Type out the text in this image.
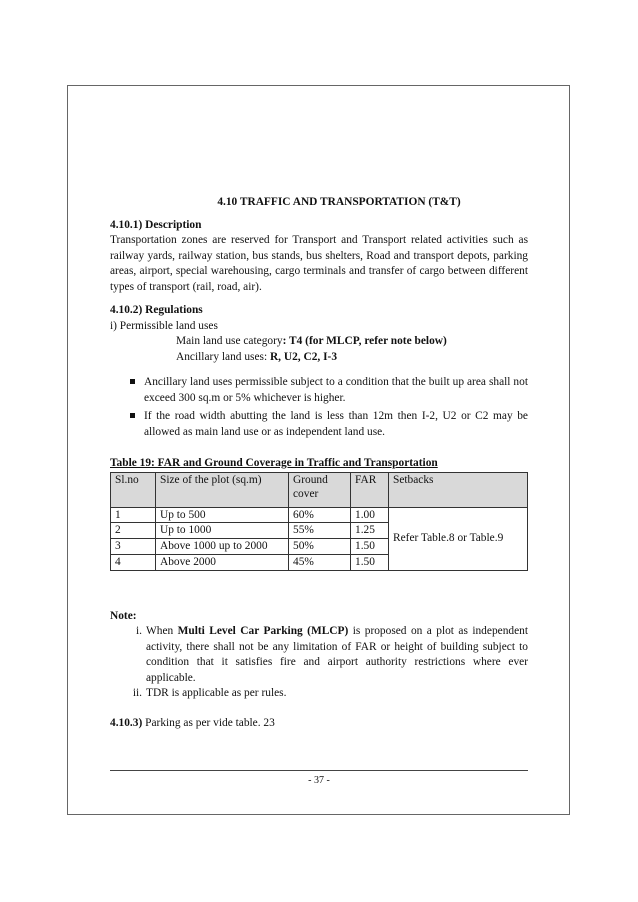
4.10 TRAFFIC AND TRANSPORTATION (T&T)

4.10.1) Description

Transportation zones are reserved for Transport and Transport related activities such as railway yards, railway station, bus stands, bus shelters, Road and transport depots, parking areas, airport, special warehousing, cargo terminals and transfer of cargo between different types of transport (rail, road, air).

4.10.2) Regulations

i) Permissible land uses

Main land use category: T4 (for MLCP, refer note below)

Ancillary land uses: R, U2, C2, I-3

Ancillary land uses permissible subject to a condition that the built up area shall not exceed 300 sq.m or 5% whichever is higher.
If the road width abutting the land is less than 12m then I-2, U2 or C2 may be allowed as main land use or as independent land use.

Table 19: FAR and Ground Coverage in Traffic and Transportation

Sl.no	Size of the plot (sq.m)	Ground cover	FAR	Setbacks
1	Up to 500	60%	1.00	Refer Table.8 or Table.9
2	Up to 1000	55%	1.25	
3	Above 1000 up to 2000	50%	1.50	
4	Above 2000	45%	1.50	

Note:

i. When Multi Level Car Parking (MLCP) is proposed on a plot as independent activity, there shall not be any limitation of FAR or height of building subject to condition that it satisfies fire and airport authority restrictions where ever applicable.
ii. TDR is applicable as per rules.

4.10.3) Parking as per vide table. 23

- 37 -
